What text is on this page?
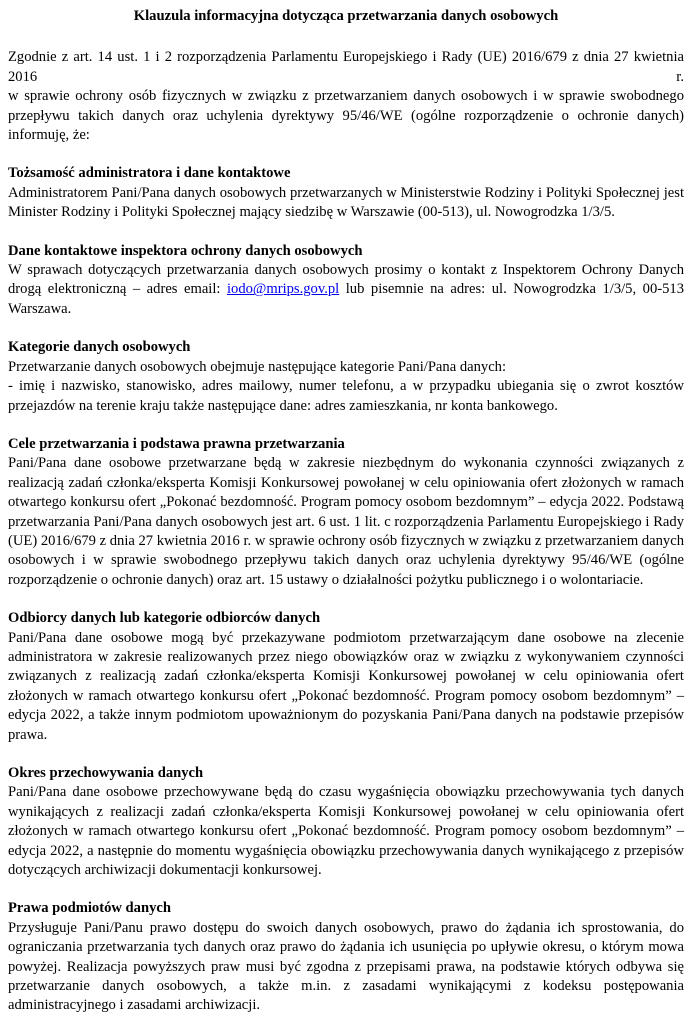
Klauzula informacyjna dotycząca przetwarzania danych osobowych
Zgodnie z art. 14 ust. 1 i 2 rozporządzenia Parlamentu Europejskiego i Rady (UE) 2016/679 z dnia 27 kwietnia
2016	r.
w sprawie ochrony osób fizycznych w związku z przetwarzaniem danych osobowych i w sprawie swobodnego przepływu takich danych oraz uchylenia dyrektywy 95/46/WE (ogólne rozporządzenie o ochronie danych) informuję, że:
Tożsamość administratora i dane kontaktowe
Administratorem Pani/Pana danych osobowych przetwarzanych w Ministerstwie Rodziny i Polityki Społecznej jest Minister Rodziny i Polityki Społecznej mający siedzibę w Warszawie (00-513), ul. Nowogrodzka 1/3/5.
Dane kontaktowe inspektora ochrony danych osobowych

W sprawach dotyczących przetwarzania danych osobowych prosimy o kontakt z Inspektorem Ochrony Danych drogą elektroniczną – adres email: iodo@mrips.gov.pl lub pisemnie na adres: ul. Nowogrodzka 1/3/5, 00-513 Warszawa.

Kategorie danych osobowych
Przetwarzanie danych osobowych obejmuje następujące kategorie Pani/Pana danych:
- imię i nazwisko, stanowisko, adres mailowy, numer telefonu, a w przypadku ubiegania się o zwrot kosztów przejazdów na terenie kraju także następujące dane: adres zamieszkania, nr konta bankowego.
Cele przetwarzania i podstawa prawna przetwarzania
Pani/Pana dane osobowe przetwarzane będą w zakresie niezbędnym do wykonania czynności związanych z realizacją zadań członka/eksperta Komisji Konkursowej powołanej w celu opiniowania ofert złożonych w ramach otwartego konkursu ofert „Pokonać bezdomność. Program pomocy osobom bezdomnym” – edycja 2022. Podstawą przetwarzania Pani/Pana danych osobowych jest art. 6 ust. 1 lit. c rozporządzenia Parlamentu Europejskiego i Rady (UE) 2016/679 z dnia 27 kwietnia 2016 r. w sprawie ochrony osób fizycznych w związku z przetwarzaniem danych osobowych i w sprawie swobodnego przepływu takich danych oraz uchylenia dyrektywy 95/46/WE (ogólne rozporządzenie o ochronie danych) oraz art. 15 ustawy o działalności pożytku publicznego i o wolontariacie.
Odbiorcy danych lub kategorie odbiorców danych
Pani/Pana dane osobowe mogą być przekazywane podmiotom przetwarzającym dane osobowe na zlecenie administratora w zakresie realizowanych przez niego obowiązków oraz w związku z wykonywaniem czynności związanych z realizacją zadań członka/eksperta Komisji Konkursowej powołanej w celu opiniowania ofert złożonych w ramach otwartego konkursu ofert „Pokonać bezdomność. Program pomocy osobom bezdomnym” – edycja 2022, a także innym podmiotom upoważnionym do pozyskania Pani/Pana danych na podstawie przepisów prawa.
Okres przechowywania danych
Pani/Pana dane osobowe przechowywane będą do czasu wygaśnięcia obowiązku przechowywania tych danych wynikających z realizacji zadań członka/eksperta Komisji Konkursowej powołanej w celu opiniowania ofert złożonych w ramach otwartego konkursu ofert „Pokonać bezdomność. Program pomocy osobom bezdomnym” – edycja 2022, a następnie do momentu wygaśnięcia obowiązku przechowywania danych wynikającego z przepisów dotyczących archiwizacji dokumentacji konkursowej.
Prawa podmiotów danych
Przysługuje Pani/Panu prawo dostępu do swoich danych osobowych, prawo do żądania ich sprostowania, do ograniczania przetwarzania tych danych oraz prawo do żądania ich usunięcia po upływie okresu, o którym mowa powyżej. Realizacja powyższych praw musi być zgodna z przepisami prawa, na podstawie których odbywa się przetwarzanie danych osobowych, a także m.in. z zasadami wynikającymi z kodeksu postępowania administracyjnego i zasadami archiwizacji.
